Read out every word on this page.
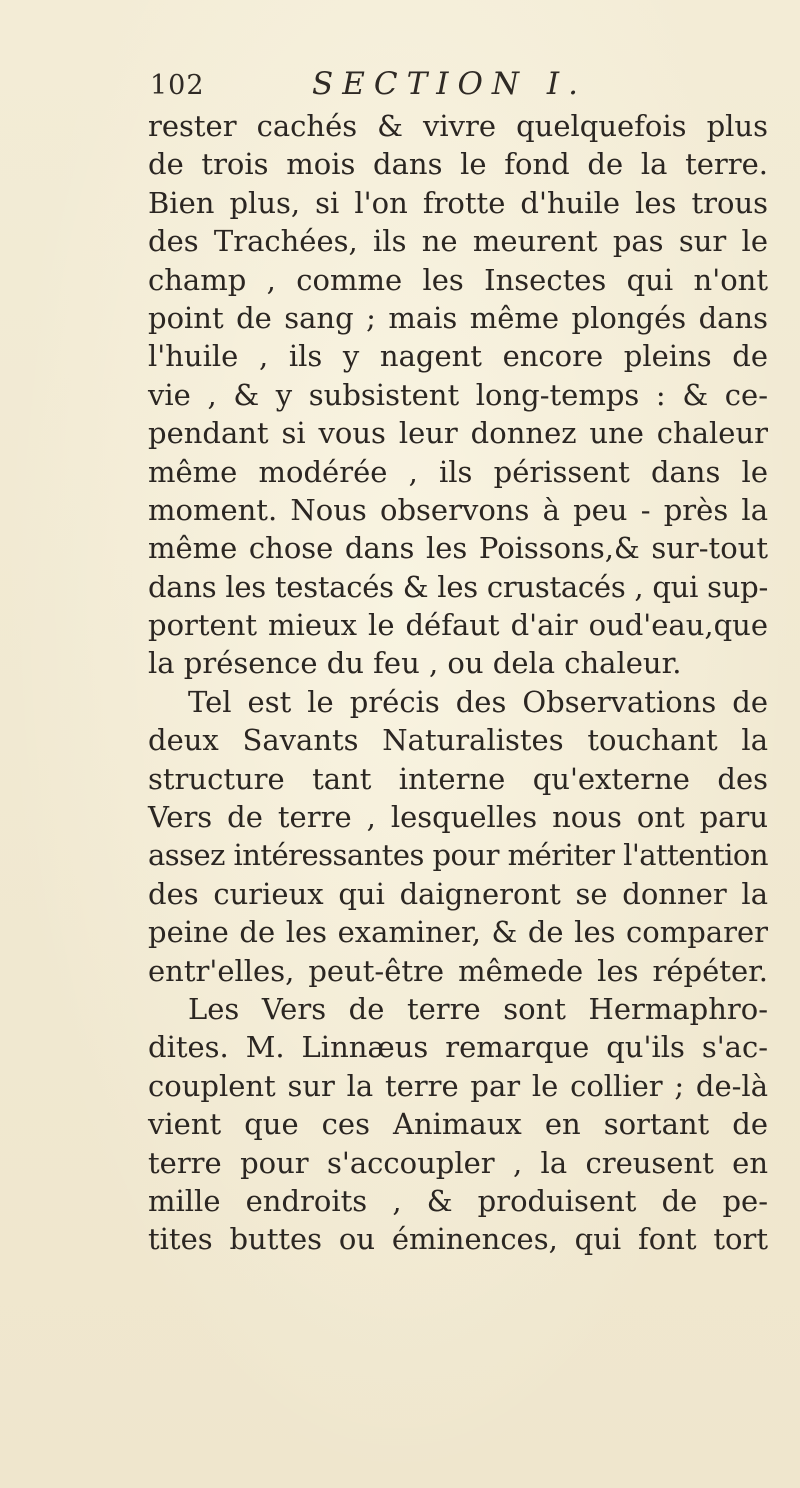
102	SECTION I.
rester cachés & vivre quelquefois plus
de trois mois dans le fond de la terre.
Bien plus, si l'on frotte d'huile les trous
des Trachées, ils ne meurent pas sur le
champ , comme les Insectes qui n'ont
point de sang ; mais même plongés dans
l'huile , ils y nagent encore pleins de
vie , & y subsistent long-temps : & ce-
pendant si vous leur donnez une chaleur
même modérée , ils périssent dans le
moment. Nous observons à peu - près la
même chose dans les Poissons,& sur-tout
dans les testacés & les crustacés , qui sup-
portent mieux le défaut d'air oud'eau,que
la présence du feu , ou dela chaleur.
Tel est le précis des Observations de
deux Savants Naturalistes touchant la
structure tant interne qu'externe des
Vers de terre , lesquelles nous ont paru
assez intéressantes pour mériter l'attention
des curieux qui daigneront se donner la
peine de les examiner, & de les comparer
entr'elles, peut-être mêmede les répéter.
Les Vers de terre sont Hermaphro-
dites. M. Linnæus remarque qu'ils s'ac-
couplent sur la terre par le collier ; de-là
vient que ces Animaux en sortant de
terre pour s'accoupler , la creusent en
mille endroits , & produisent de pe-
tites buttes ou éminences, qui font tort
